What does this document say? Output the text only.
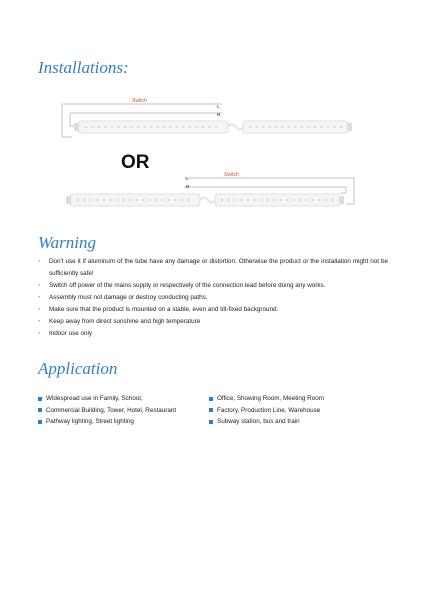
Installations:
Switch
L
N
Switch
L
N
OR
Warning
• Don't use it if aluminum of the tube have any damage or distortion. Otherwise the product or the installation might not be sufficiently safe!
• Switch off power of the mains supply or respectively of the connection lead before doing any works.
• Assembly must not damage or destroy conducting paths.
• Make sure that the product is mounted on a stable, even and tilt-fixed background.
• Keep away from direct sunshine and high temperature
• Indoor use only
Application
Widespread use in Family, School,
Commercial Building, Tower, Hotel, Restaurant
Pathway lighting, Street lighting
Office, Showing Room, Meeting Room
Factory, Production Line, Warehouse
Subway station, bus and train
